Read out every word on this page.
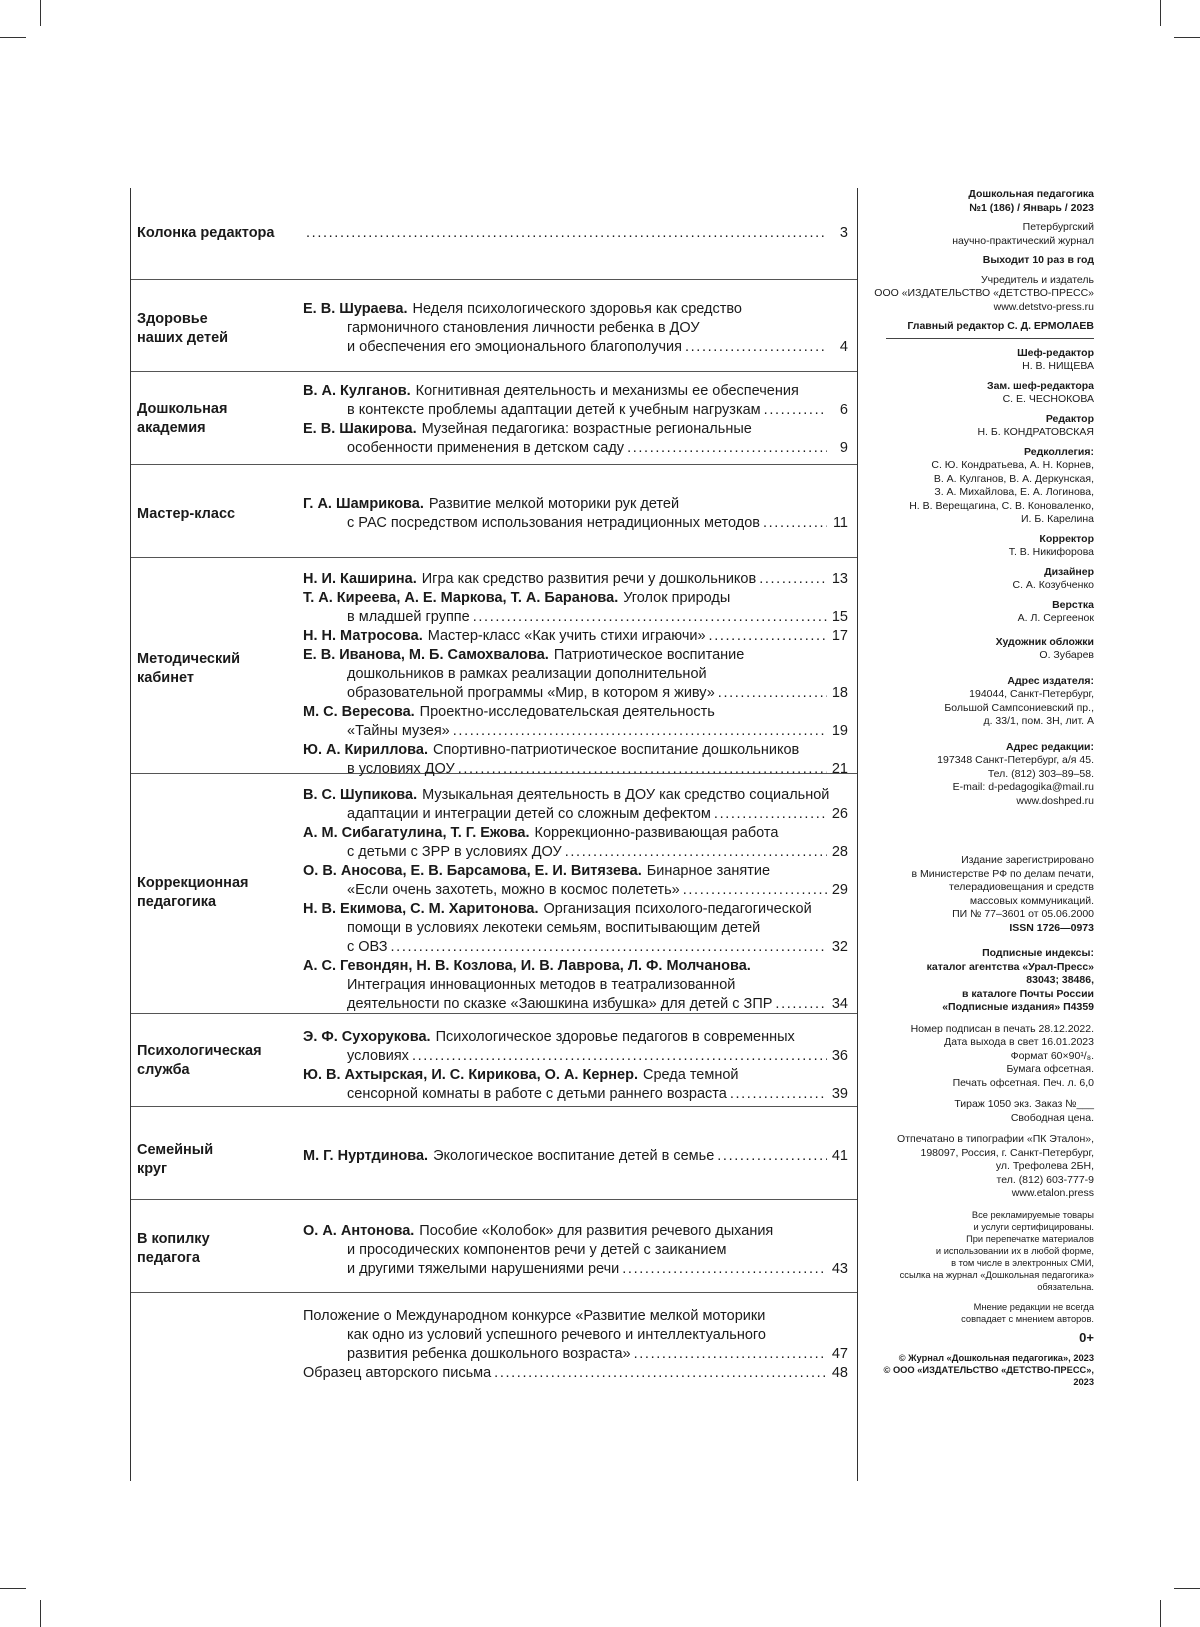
Колонка редактора . . .	3
Здоровье
наших детей
Е. В. Шураева. Неделя психологического здоровья как средство
гармоничного становления личности ребенка в ДОУ
и обеспечения его эмоционального благополучия . . .	4
Дошкольная
академия
В. А. Кулганов. Когнитивная деятельность и механизмы ее обеспечения
в контексте проблемы адаптации детей к учебным нагрузкам . . .	6
Е. В. Шакирова. Музейная педагогика: возрастные региональные
особенности применения в детском саду . . .	9
Мастер-класс
Г. А. Шамрикова. Развитие мелкой моторики рук детей
с РАС посредством использования нетрадиционных методов . . .	11
Методический
кабинет
Н. И. Каширина. Игра как средство развития речи у дошкольников . . .	13
Т. А. Киреева, А. Е. Маркова, Т. А. Баранова. Уголок природы
в младшей группе . . .	15
Н. Н. Матросова. Мастер-класс «Как учить стихи играючи» . . .	17
Е. В. Иванова, М. Б. Самохвалова. Патриотическое воспитание
дошкольников в рамках реализации дополнительной
образовательной программы «Мир, в котором я живу» . . .	18
М. С. Вересова. Проектно-исследовательская деятельность
«Тайны музея» . . .	19
Ю. А. Кириллова. Спортивно-патриотическое воспитание дошкольников
в условиях ДОУ . . .	21
Коррекционная
педагогика
В. С. Шупикова. Музыкальная деятельность в ДОУ как средство социальной
адаптации и интеграции детей со сложным дефектом . . .	26
А. М. Сибагатулина, Т. Г. Ежова. Коррекционно-развивающая работа
с детьми с ЗРР в условиях ДОУ . . .	28
О. В. Аносова, Е. В. Барсамова, Е. И. Витязева. Бинарное занятие
«Если очень захотеть, можно в космос полететь» . . .	29
Н. В. Екимова, С. М. Харитонова. Организация психолого-педагогической
помощи в условиях лекотеки семьям, воспитывающим детей
с ОВЗ . . .	32
А. С. Гевондян, Н. В. Козлова, И. В. Лаврова, Л. Ф. Молчанова.
Интеграция инновационных методов в театрализованной
деятельности по сказке «Заюшкина избушка» для детей с ЗПР . . .	34
Психологическая
служба
Э. Ф. Сухорукова. Психологическое здоровье педагогов в современных
условиях . . .	36
Ю. В. Ахтырская, И. С. Кирикова, О. А. Кернер. Среда темной
сенсорной комнаты в работе с детьми раннего возраста . . .	39
Семейный
круг
М. Г. Нуртдинова. Экологическое воспитание детей в семье . . .	41
В копилку
педагога
О. А. Антонова. Пособие «Колобок» для развития речевого дыхания
и просодических компонентов речи у детей с заиканием
и другими тяжелыми нарушениями речи . . .	43
Положение о Международном конкурсе «Развитие мелкой моторики
как одно из условий успешного речевого и интеллектуального
развития ребенка дошкольного возраста» . . .	47
Образец авторского письма . . .	48
Дошкольная педагогика
№1 (186) / Январь / 2023
Петербургский
научно-практический журнал
Выходит 10 раз в год
Учредитель и издатель
ООО «ИЗДАТЕЛЬСТВО «ДЕТСТВО-ПРЕСС»
www.detstvo-press.ru
Главный редактор С. Д. ЕРМОЛАЕВ
Шеф-редактор
Н. В. НИЩЕВА
Зам. шеф-редактора
С. Е. ЧЕСНОКОВА
Редактор
Н. Б. КОНДРАТОВСКАЯ
Редколлегия:
С. Ю. Кондратьева, А. Н. Корнев,
В. А. Кулганов, В. А. Деркунская,
З. А. Михайлова, Е. А. Логинова,
Н. В. Верещагина, С. В. Коноваленко,
И. Б. Карелина
Корректор
Т. В. Никифорова
Дизайнер
С. А. Козубченко
Верстка
А. Л. Сергеенок
Художник обложки
О. Зубарев
Адрес издателя:
194044, Санкт-Петербург,
Большой Сампсониевский пр.,
д. 33/1, пом. 3Н, лит. А
Адрес редакции:
197348 Санкт-Петербург, а/я 45.
Тел. (812) 303–89–58.
E-mail: d-pedagogika@mail.ru
www.doshped.ru
Издание зарегистрировано
в Министерстве РФ по делам печати,
телерадиовещания и средств
массовых коммуникаций.
ПИ № 77–3601 от 05.06.2000
ISSN 1726—0973
Подписные индексы:
каталог агентства «Урал-Пресс»
83043; 38486,
в каталоге Почты России
«Подписные издания» П4359
Номер подписан в печать 28.12.2022.
Дата выхода в свет 16.01.2023
Формат 60×90¹/₈.
Бумага офсетная.
Печать офсетная. Печ. л. 6,0
Тираж 1050 экз. Заказ №___
Свободная цена.
Отпечатано в типографии «ПК Эталон»,
198097, Россия, г. Санкт-Петербург,
ул. Трефолева 2БН,
тел. (812) 603-777-9
www.etalon.press
Все рекламируемые товары
и услуги сертифицированы.
При перепечатке материалов
и использовании их в любой форме,
в том числе в электронных СМИ,
ссылка на журнал «Дошкольная педагогика»
обязательна.
Мнение редакции не всегда
совпадает с мнением авторов.
0+
© Журнал «Дошкольная педагогика», 2023
© ООО «ИЗДАТЕЛЬСТВО «ДЕТСТВО-ПРЕСС», 2023
